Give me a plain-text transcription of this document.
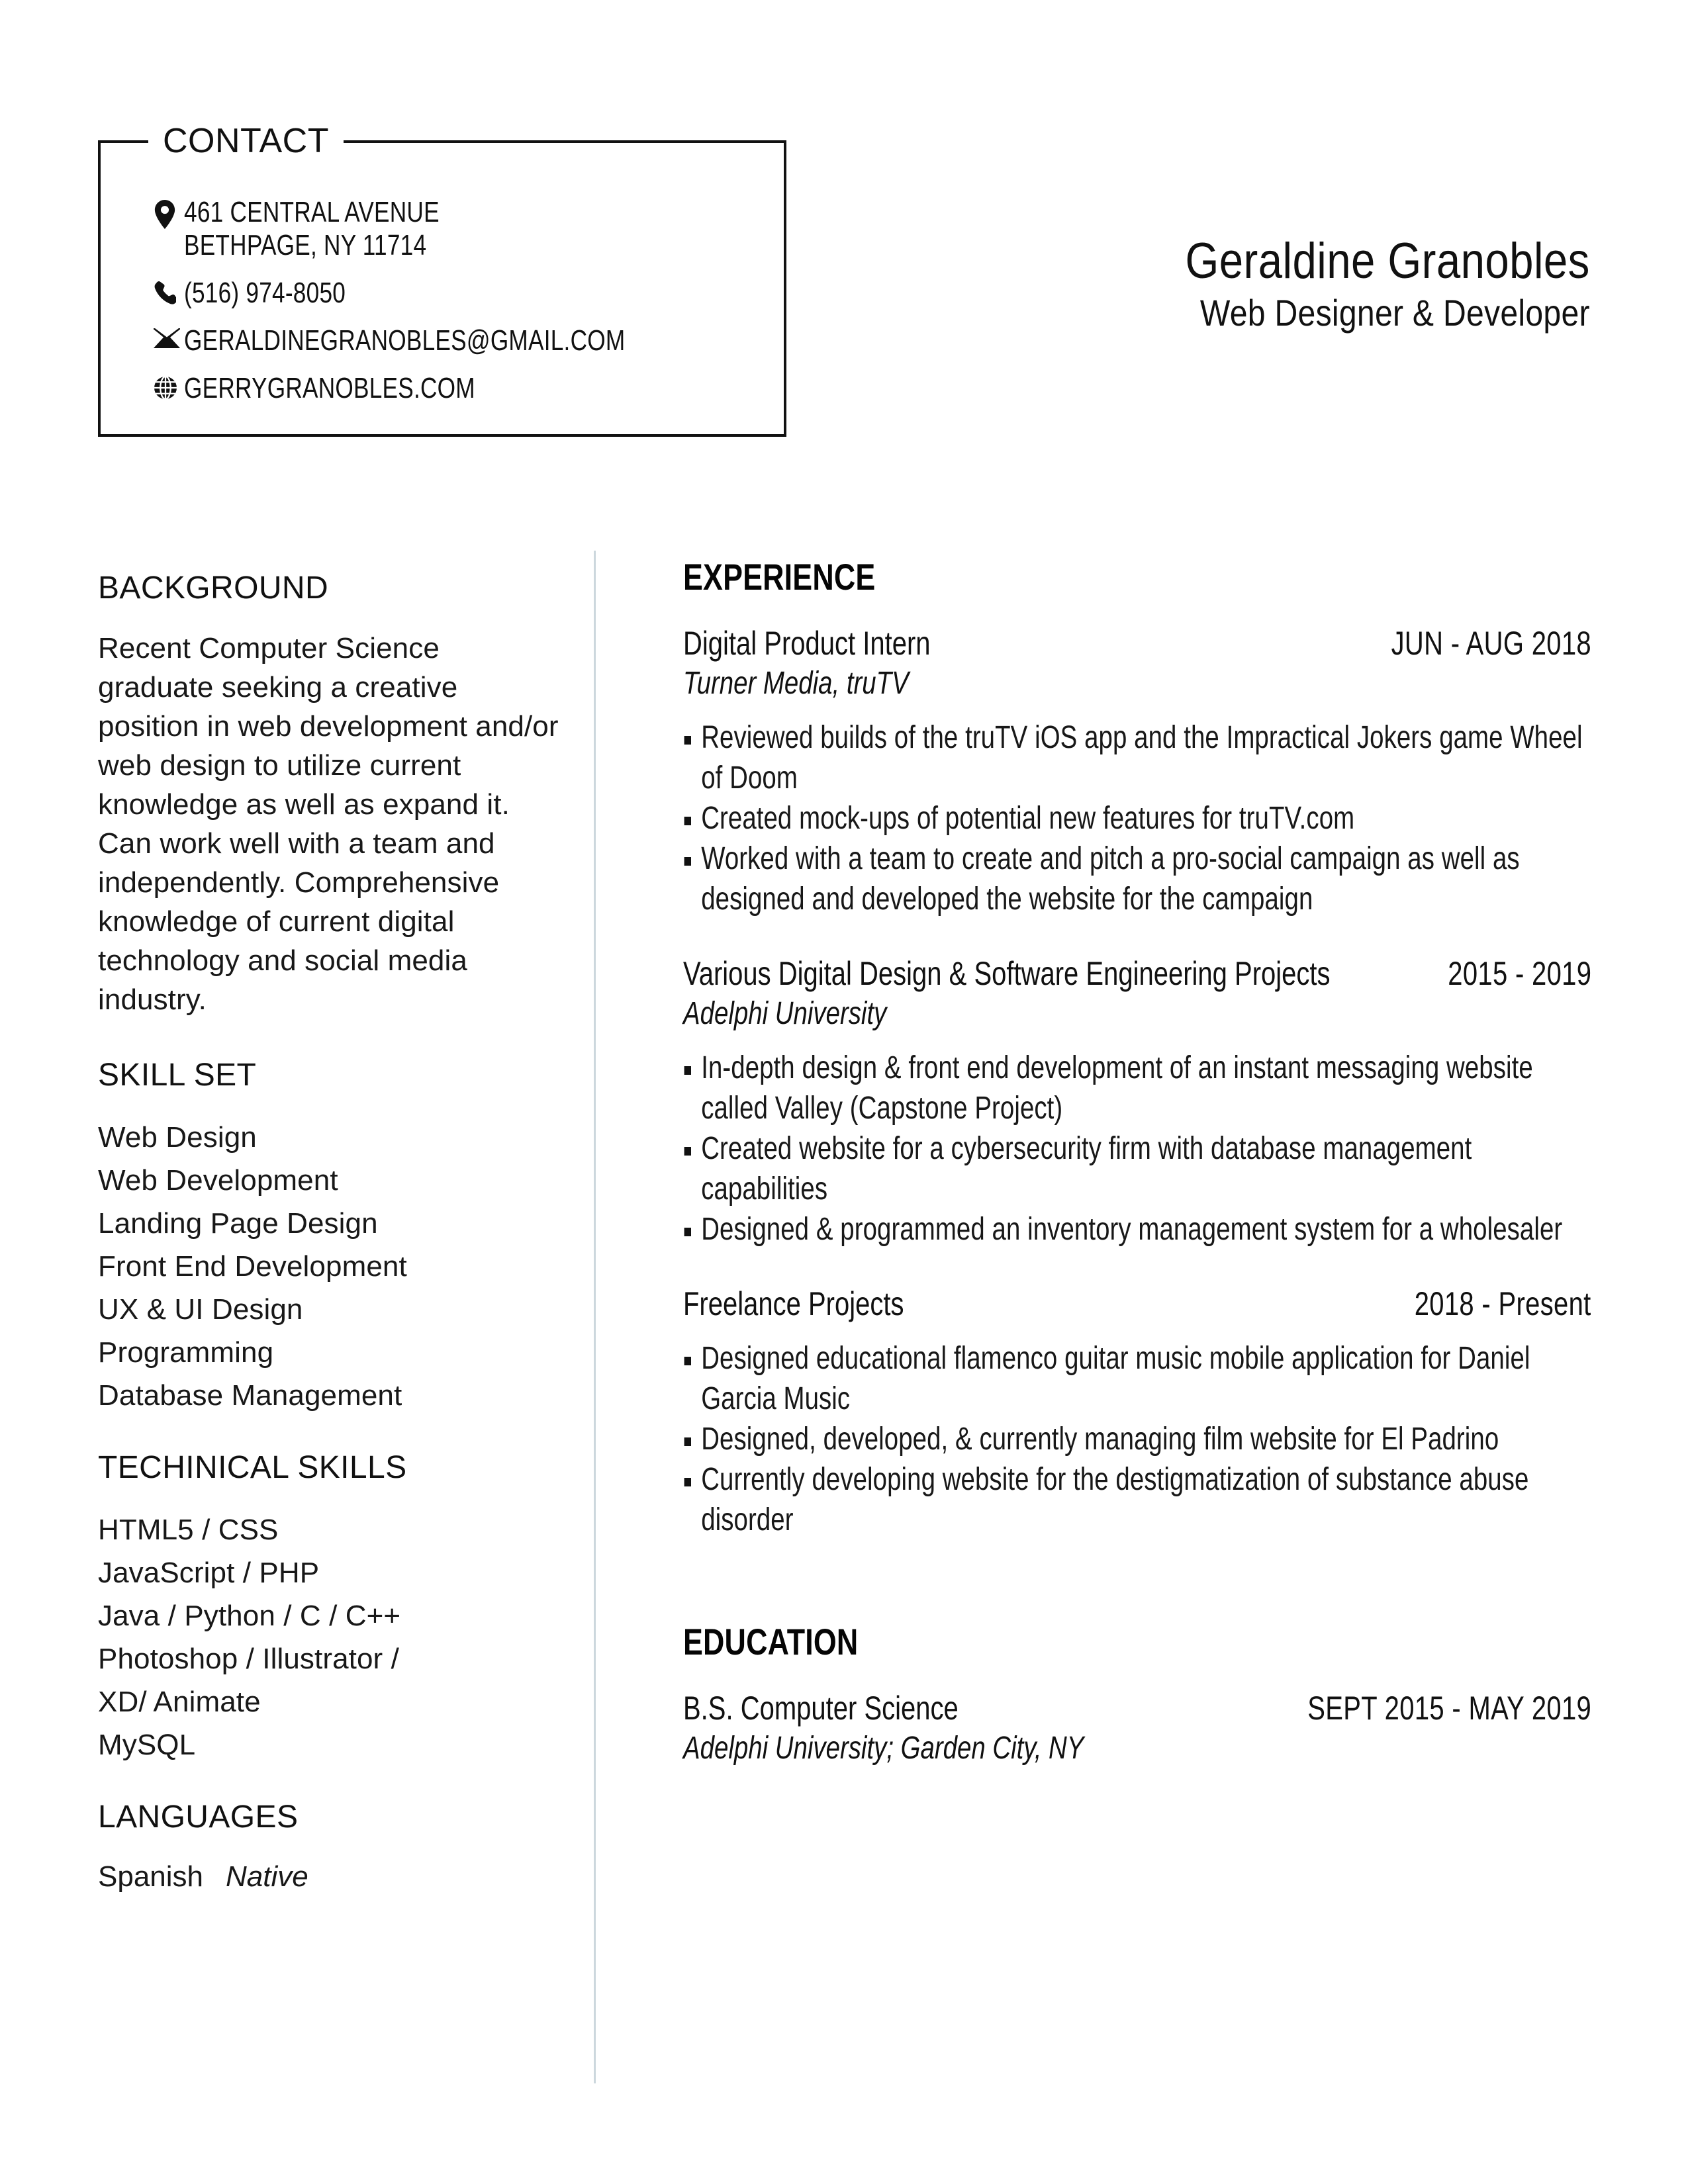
CONTACT
461 CENTRAL AVENUE
BETHPAGE, NY 11714
(516) 974-8050
GERALDINEGRANOBLES@GMAIL.COM
GERRYGRANOBLES.COM
Geraldine Granobles
Web Designer & Developer
BACKGROUND

Recent Computer Science graduate seeking a creative position in web development and/or web design to utilize current knowledge as well as expand it. Can work well with a team and independently. Comprehensive knowledge of current digital technology and social media industry.

SKILL SET
Web Design
Web Development
Landing Page Design
Front End Development
UX & UI Design
Programming
Database Management
TECHINICAL SKILLS
HTML5 / CSS
JavaScript / PHP
Java / Python / C / C++
Photoshop / Illustrator /
XD/ Animate
MySQL
LANGUAGES
Spanish Native
EXPERIENCE
Digital Product Intern	JUN - AUG 2018
Turner Media, truTV
Reviewed builds of the truTV iOS app and the Impractical Jokers game Wheel of Doom
Created mock-ups of potential new features for truTV.com
Worked with a team to create and pitch a pro-social campaign as well as designed and developed the website for the campaign
Various Digital Design & Software Engineering Projects	2015 - 2019
Adelphi University
In-depth design & front end development of an instant messaging website called Valley (Capstone Project)
Created website for a cybersecurity firm with database management capabilities
Designed & programmed an inventory management system for a wholesaler
Freelance Projects	2018 - Present
Designed educational flamenco guitar music mobile application for Daniel Garcia Music
Designed, developed, & currently managing film website for El Padrino
Currently developing website for the destigmatization of substance abuse disorder
EDUCATION
B.S. Computer Science	SEPT 2015 - MAY 2019
Adelphi University; Garden City, NY
